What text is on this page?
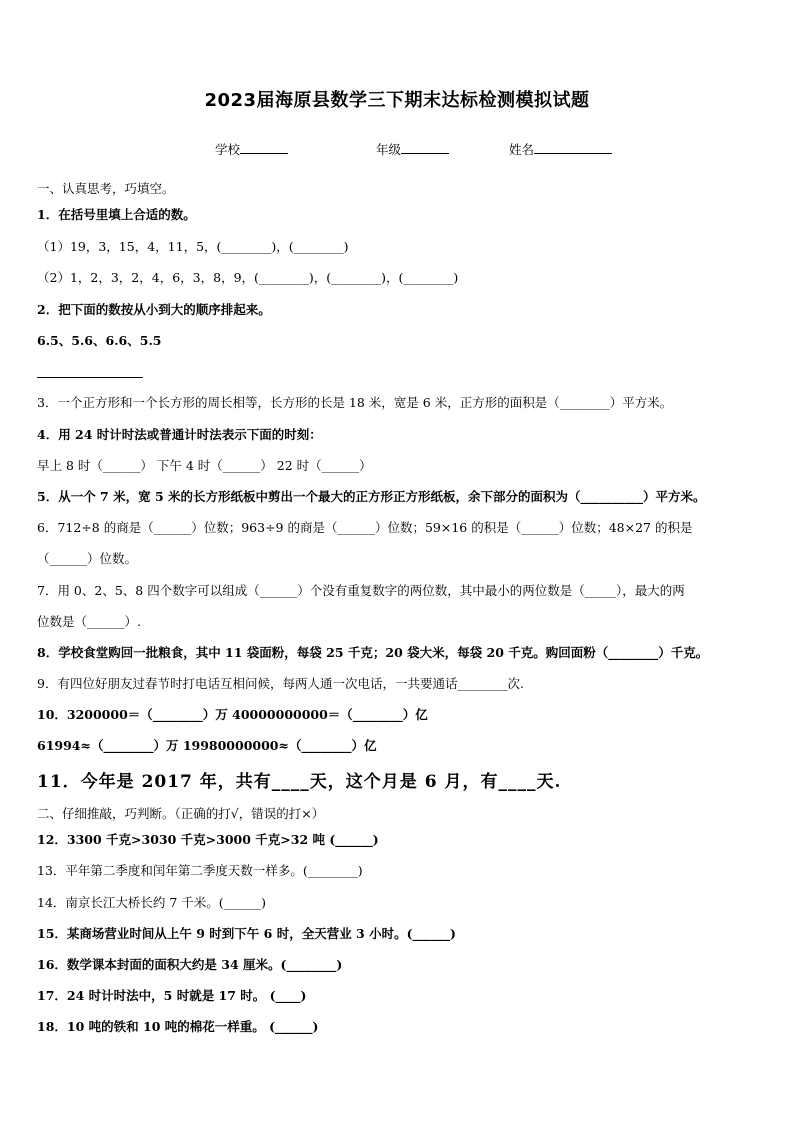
2023届海原县数学三下期末达标检测模拟试题
学校	年级	姓名
一、认真思考，巧填空。
1．在括号里填上合适的数。
（1）19，3，15，4，11，5，(________)，(________)
（2）1，2，3，2，4，6，3，8，9，(________)，(________)，(________)
2．把下面的数按从小到大的顺序排起来。
6.5、5.6、6.6、5.5
3．一个正方形和一个长方形的周长相等，长方形的长是 18 米，宽是 6 米，正方形的面积是（________）平方米。
4．用 24 时计时法或普通计时法表示下面的时刻：
早上 8 时（______） 下午 4 时（______） 22 时（______）
5．从一个 7 米，宽 5 米的长方形纸板中剪出一个最大的正方形正方形纸板，余下部分的面积为（__________）平方米。
6．712÷8 的商是（______）位数；963÷9 的商是（______）位数；59×16 的积是（______）位数；48×27 的积是
（______）位数。
7．用 0、2、5、8 四个数字可以组成（______）个没有重复数字的两位数，其中最小的两位数是（_____），最大的两
位数是（______）.
8．学校食堂购回一批粮食，其中 11 袋面粉，每袋 25 千克；20 袋大米，每袋 20 千克。购回面粉（________）千克。
9．有四位好朋友过春节时打电话互相问候，每两人通一次电话，一共要通话________次.
10．3200000＝（________）万 40000000000＝（________）亿
61994≈（________）万 19980000000≈（________）亿
11．今年是 2017 年，共有____天，这个月是 6 月，有____天.
二、仔细推敲，巧判断。（正确的打√，错误的打×）
12．3300 千克>3030 千克>3000 千克>32 吨 (______)
13．平年第二季度和闰年第二季度天数一样多。(________)
14．南京长江大桥长约 7 千米。(______)
15．某商场营业时间从上午 9 时到下午 6 时，全天营业 3 小时。(______)
16．数学课本封面的面积大约是 34 厘米。(________)
17．24 时计时法中，5 时就是 17 时。 (____)
18．10 吨的铁和 10 吨的棉花一样重。 (______)
